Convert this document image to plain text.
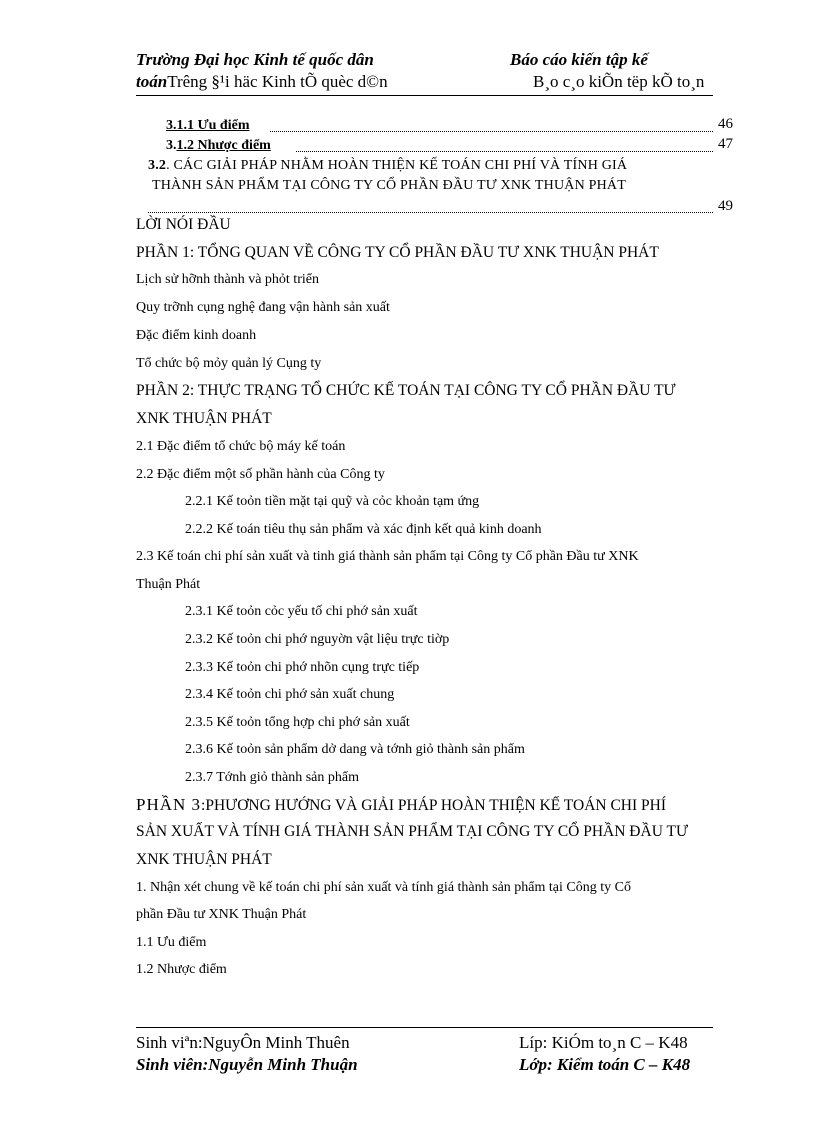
Trường Đại học Kinh tế quốc dân	Báo cáo kiến tập kế
toánTrêng §¹i häc Kinh tÕ quèc d©n	B¸o c¸o kiÕn tëp kÕ to¸n
3.1.1 Ưu điểm	46
3.1.2 Nhược điểm	47
3.2. CÁC GIẢI PHÁP NHẰM HOÀN THIỆN KẾ TOÁN CHI PHÍ VÀ TÍNH GIÁ
THÀNH SẢN PHẨM TẠI CÔNG TY CỔ PHẦN ĐẦU TƯ XNK THUẬN PHÁT
49
LỜI NÓI ĐẦU
PHẦN 1: TỔNG QUAN VỀ CÔNG TY CỔ PHẦN ĐẦU TƯ XNK THUẬN PHÁT
Lịch sử hỡnh thành và phỏt triển
Quy trỡnh cụng nghệ đang vận hành sản xuất
Đặc điểm kinh doanh
Tổ chức bộ mỏy quản lý Cụng ty
PHẦN 2: THỰC TRẠNG TỔ CHỨC KẾ TOÁN TẠI CÔNG TY CỔ PHẦN ĐẦU TƯ
XNK THUẬN PHÁT
2.1 Đặc điểm tổ chức bộ máy kế toán
2.2 Đặc điểm một số phần hành của Công ty
2.2.1 Kế toỏn tiền mặt tại quỹ và cỏc khoản tạm ứng
2.2.2 Kế toán tiêu thụ sản phẩm và xác định kết quả kinh doanh
2.3 Kế toán chi phí sản xuất và tinh giá thành sản phẩm tại Công ty Cổ phần Đầu tư XNK
Thuận Phát
2.3.1 Kế toỏn cỏc yếu tố chi phớ sản xuất
2.3.2 Kế toỏn chi phớ nguyờn vật liệu trực tiờp
2.3.3 Kế toỏn chi phớ nhõn cụng trực tiếp
2.3.4 Kế toỏn chi phớ sản xuất chung
2.3.5 Kế toỏn tổng hợp chi phớ sản xuất
2.3.6 Kế toỏn sản phẩm dở dang và tớnh giỏ thành sản phẩm
2.3.7 Tớnh giỏ thành sản phẩm
PHẦN 3:PHƯƠNG HƯỚNG VÀ GIẢI PHÁP HOÀN THIỆN KẾ TOÁN CHI PHÍ
SẢN XUẤT VÀ TÍNH GIÁ THÀNH SẢN PHẨM TẠI CÔNG TY CỔ PHẦN ĐẦU TƯ
XNK THUẬN PHÁT
1. Nhận xét chung về kế toán chi phí sản xuất và tính giá thành sản phẩm tại Công ty Cổ
phần Đầu tư XNK Thuận Phát
1.1 Ưu điểm
1.2 Nhược điểm
Sinh viªn:NguyÔn Minh Thuên	Líp: KiÓm to¸n C – K48
Sinh viên:Nguyễn Minh Thuận	Lớp: Kiểm toán C – K48
